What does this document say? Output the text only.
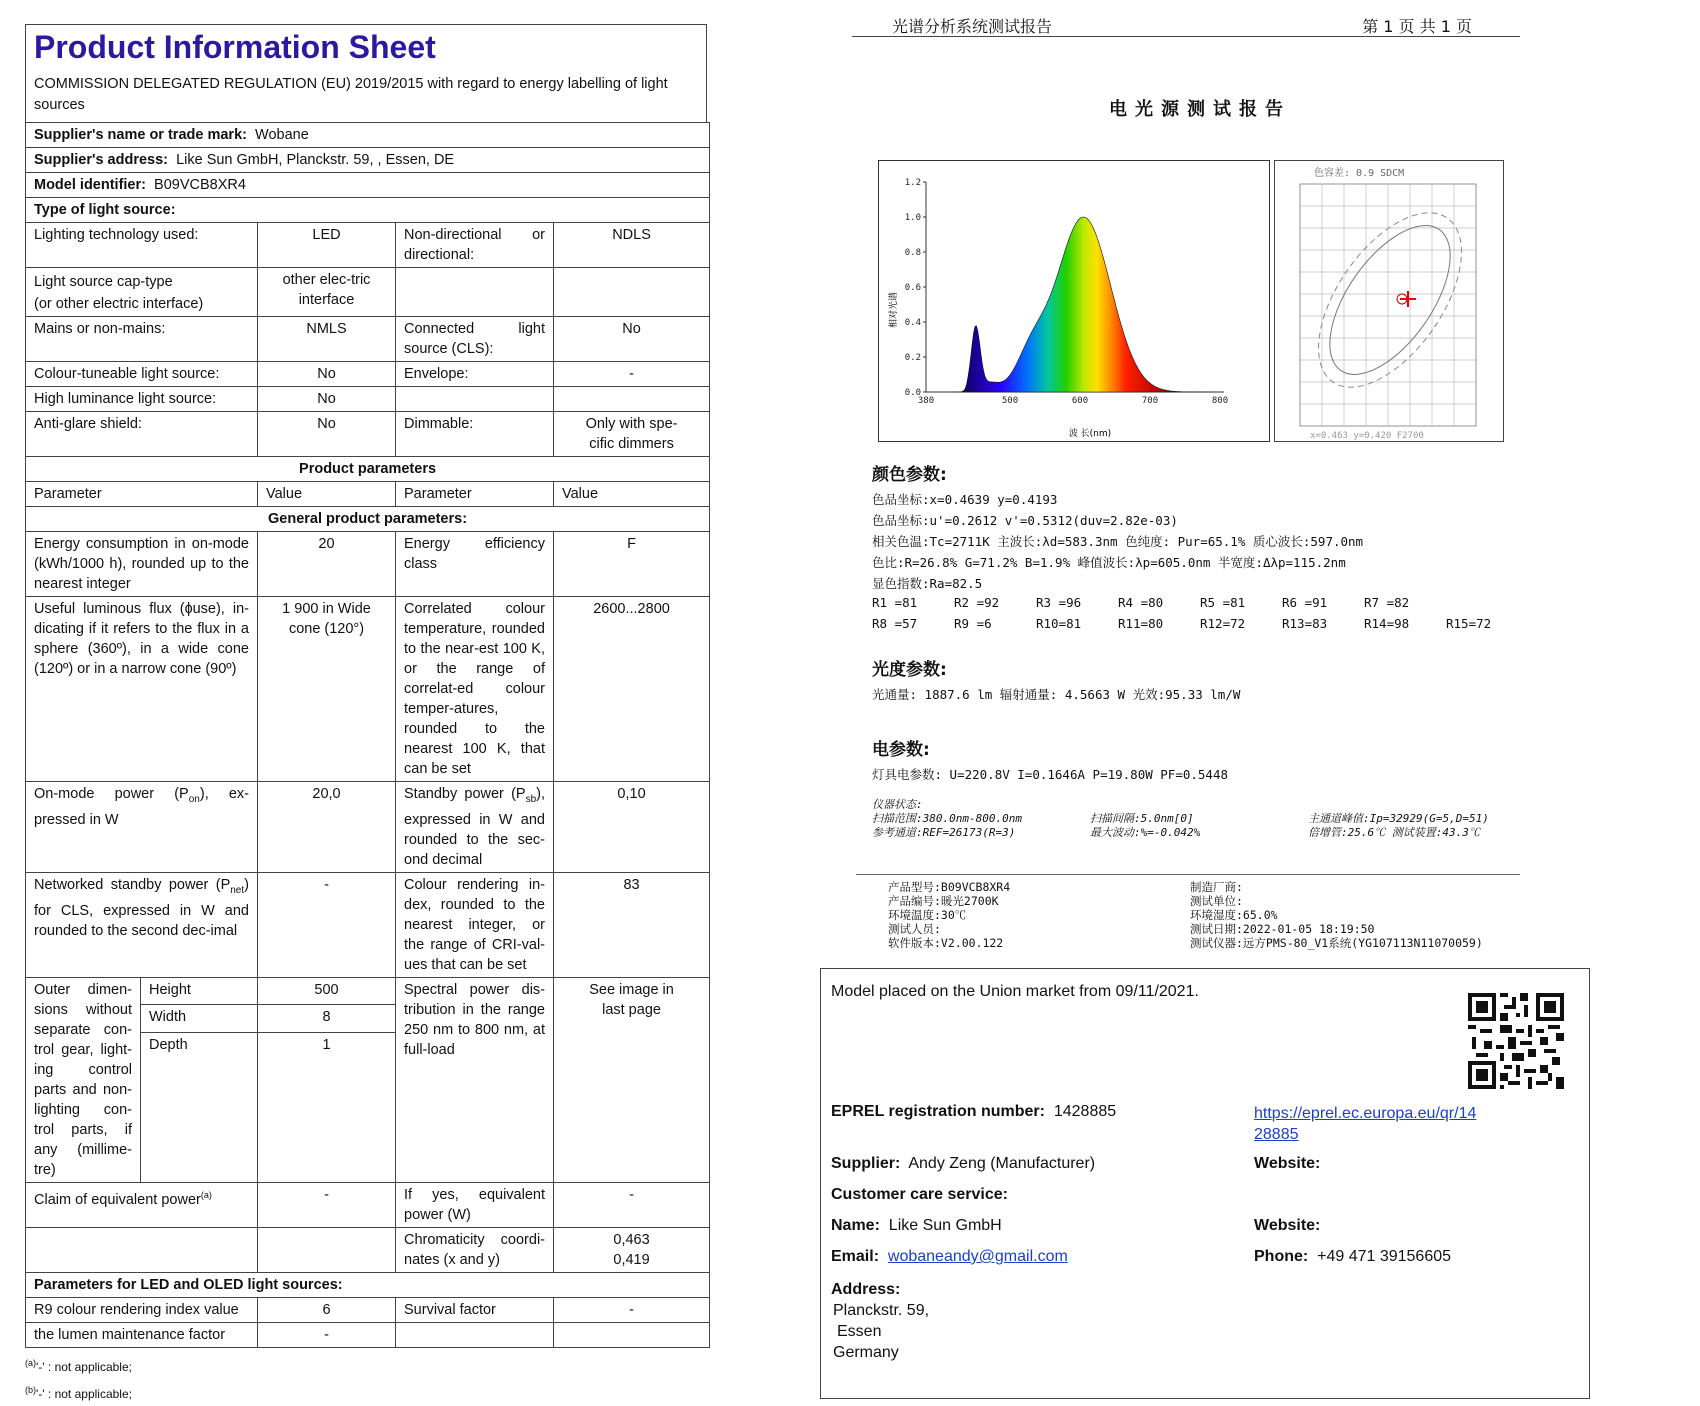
Product Information Sheet
COMMISSION DELEGATED REGULATION (EU) 2019/2015 with regard to energy labelling of light sources
Supplier's name or trade mark: Wobane				
Supplier's address: Like Sun GmbH, Planckstr. 59, , Essen, DE				
Model identifier: B09VCB8XR4				
Type of light source:				
Lighting technology used:		LED	Non-directional or directional:	NDLS

Light source cap-type
(or other electric interface)		other elec-tric interface		
Mains or non-mains:		NMLS	Connected light source (CLS):	No
Colour-tuneable light source:		No	Envelope:	-
High luminance light source:		No		
Anti-glare shield:		No	Dimmable:	Only with spe-cific dimmers
Product parameters				
Parameter		Value	Parameter	Value
General product parameters:				
Energy consumption in on-mode (kWh/1000 h), rounded up to the nearest integer		20	Energy efficiency class	F
Useful luminous flux (ɸuse), in-dicating if it refers to the flux in a sphere (360º), in a wide cone (120º) or in a narrow cone (90º)		1 900 in Wide cone (120°)	Correlated colour temperature, rounded to the near-est 100 K, or the range of correlat-ed colour temper-atures, rounded to the nearest 100 K, that can be set	2600...2800
On-mode power $(P_{on})$, ex-pressed in W		20,0	Standby power $(P_{sb})$, expressed in W and rounded to the sec-ond decimal	0,10
Networked standby power $(P_{net})$ for CLS, expressed in W and rounded to the second dec-imal		-	Colour rendering in-dex, rounded to the nearest integer, or the range of CRI-val-ues that can be set	83
Outer dimen-sions without separate con-trol gear, light-ing control parts and non-lighting con-trol parts, if any (millime-tre)	Height	500	Spectral power dis-tribution in the range 250 nm to 800 nm, at full-load	See image in last page
	Width	8		
	Depth	1		
Claim of equivalent power$^{(a)}$		-	If yes, equivalent power (W)	-
			Chromaticity coordi-nates (x and y)	0,463
0,419

Parameters for LED and OLED light sources:				
R9 colour rendering index value		6	Survival factor	-
the lumen maintenance factor		-		
$^{(a)}$'-' : not applicable;
$^{(b)}$'-' : not applicable;
光谱分析系统测试报告	第 1 页 共 1 页
电光源测试报告
1.2
1.0
0.8
0.6
0.4
0.2
0.0
380	500	600	700	800
相对光谱
波 长(nm)
色容差: 0.9 SDCM
x=0.463 y=0.420 F2700
颜色参数:
色品坐标:x=0.4639 y=0.4193
色品坐标:u'=0.2612 v'=0.5312(duv=2.82e-03)
相关色温:Tc=2711K 主波长:λd=583.3nm 色纯度: Pur=65.1% 质心波长:597.0nm
色比:R=26.8% G=71.2% B=1.9% 峰值波长:λp=605.0nm 半宽度:Δλp=115.2nm
显色指数:Ra=82.5
R1 =81	R2 =92	R3 =96	R4 =80	R5 =81	R6 =91	R7 =82
R8 =57	R9 =6	R10=81	R11=80	R12=72	R13=83	R14=98	R15=72
光度参数:
光通量: 1887.6 lm 辐射通量: 4.5663 W 光效:95.33 lm/W
电参数:
灯具电参数: U=220.8V I=0.1646A P=19.80W PF=0.5448
仪器状态:
扫描范围:380.0nm-800.0nm	扫描间隔:5.0nm[0]	主通道峰值:Ip=32929(G=5,D=51)
参考通道:REF=26173(R=3)	最大波动:%=-0.042%	倍增管:25.6℃ 测试装置:43.3℃
产品型号:B09VCB8XR4
产品编号:暖光2700K
环境温度:30℃
测试人员:
软件版本:V2.00.122
制造厂商:
测试单位:
环境湿度:65.0%
测试日期:2022-01-05 18:19:50
测试仪器:远方PMS-80_V1系统(YG107113N11070059)
Model placed on the Union market from 09/11/2021.
EPREL registration number: 1428885	https://eprel.ec.europa.eu/qr/14
28885
Supplier: Andy Zeng (Manufacturer)	Website:
Customer care service:
Name: Like Sun GmbH	Website:
Email: wobaneandy@gmail.com	Phone: +49 471 39156605
Address:
Planckstr. 59,
Essen
Germany
